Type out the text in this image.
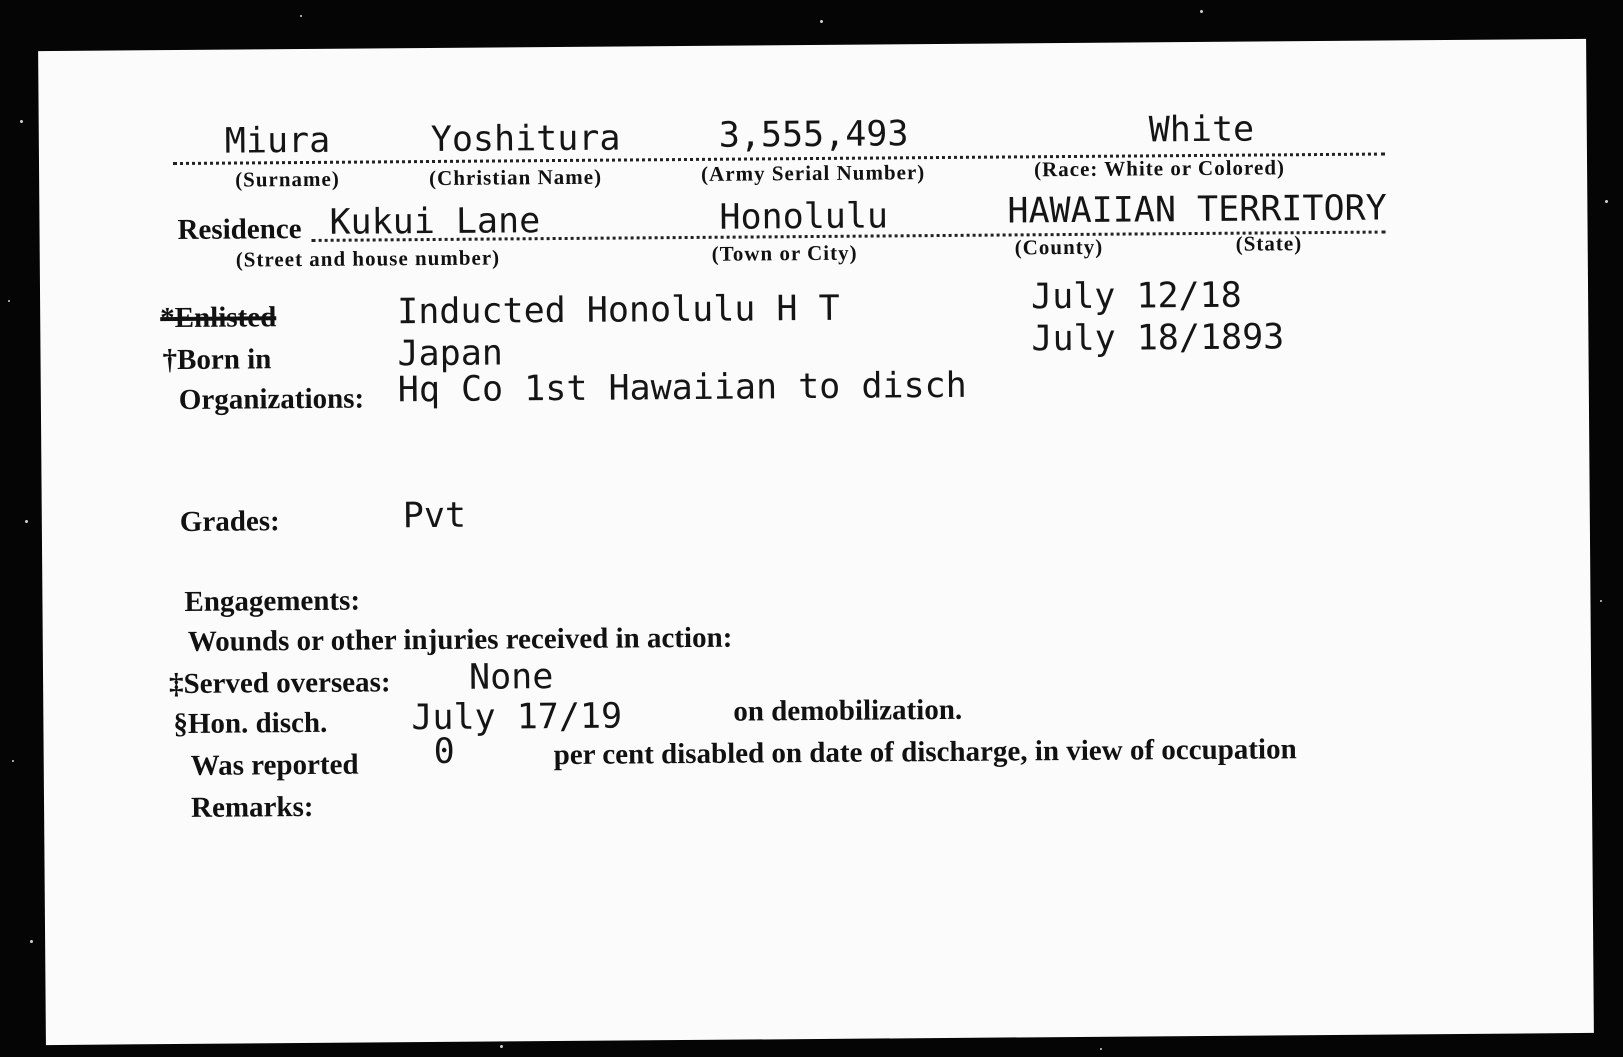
Miura
(Surname)
Yoshitura
(Christian Name)
3,555,493
(Army Serial Number)
White
(Race: White or Colored)
Residence Kukui Lane
(Street and house number)
Honolulu
(Town or City)
HAWAIIAN TERRITORY
(County)	(State)
*Enlisted	Inducted Honolulu H T	July 12/18
†Born in	Japan	July 18/1893
Organizations: Hq Co 1st Hawaiian to disch
Grades:	Pvt
Engagements:
Wounds or other injuries received in action:
‡Served overseas: None
§Hon. disch. July 17/19	on demobilization.
Was reported 0	per cent disabled on date of discharge, in view of occupation
Remarks:
